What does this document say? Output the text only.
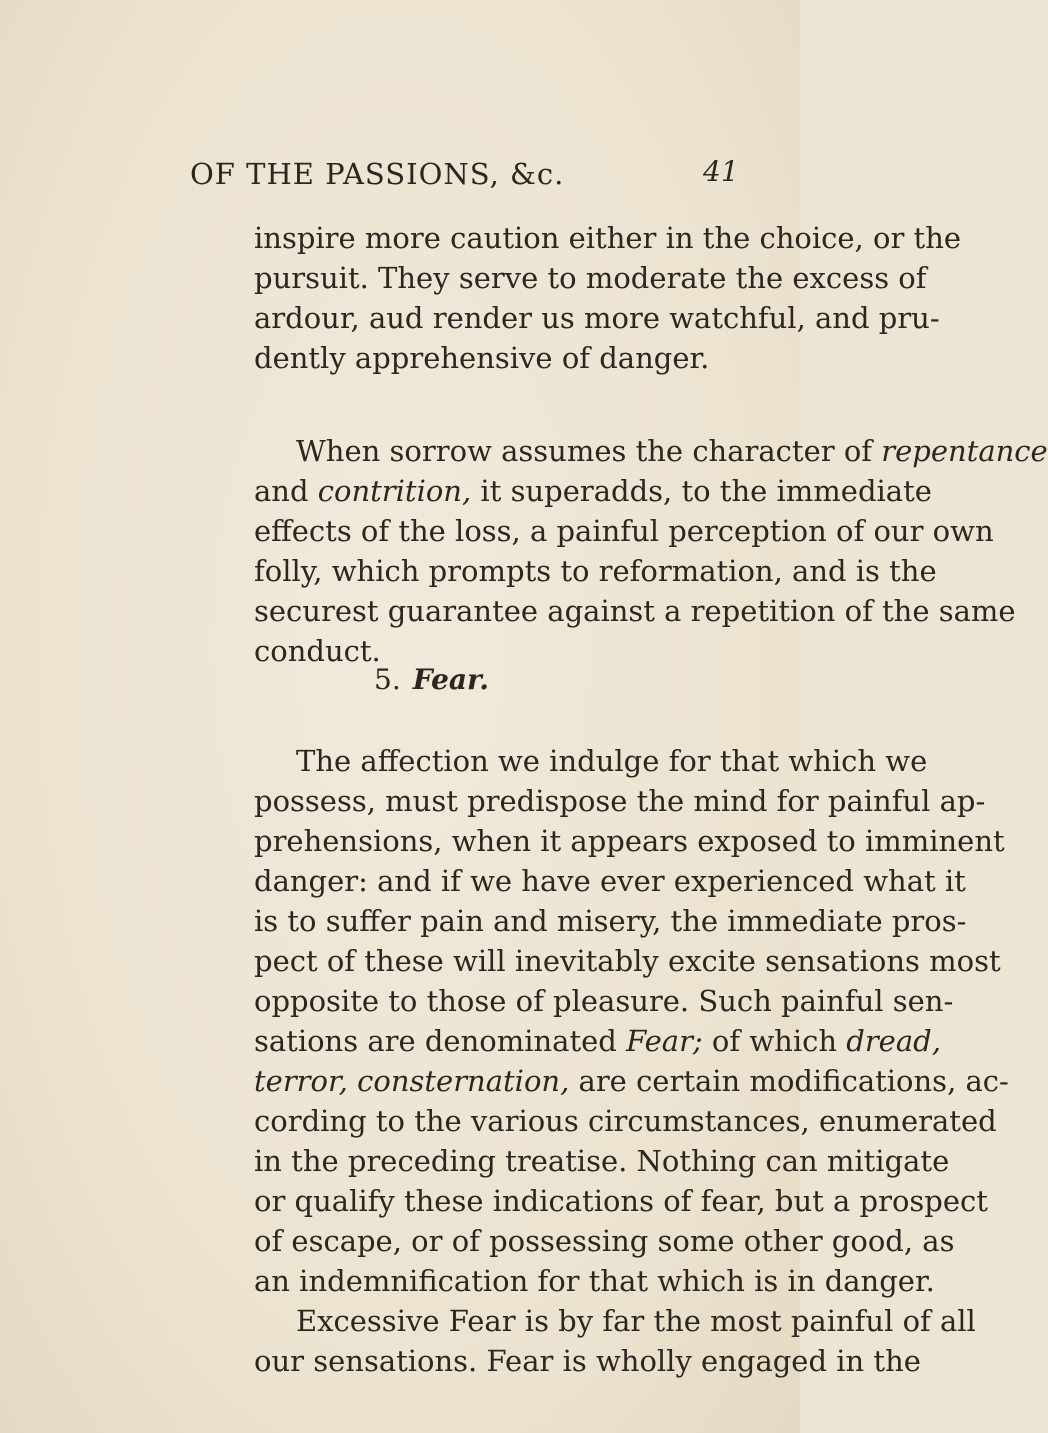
OF THE PASSIONS, &c.	41
inspire more caution either in the choice, or the
pursuit. They serve to moderate the excess of
ardour, aud render us more watchful, and pru-
dently apprehensive of danger.
When sorrow assumes the character of repentance
and contrition, it superadds, to the immediate
effects of the loss, a painful perception of our own
folly, which prompts to reformation, and is the
securest guarantee against a repetition of the same
conduct.
5. Fear.
The affection we indulge for that which we
possess, must predispose the mind for painful ap-
prehensions, when it appears exposed to imminent
danger: and if we have ever experienced what it
is to suffer pain and misery, the immediate pros-
pect of these will inevitably excite sensations most
opposite to those of pleasure. Such painful sen-
sations are denominated Fear; of which dread,
terror, consternation, are certain modifications, ac-
cording to the various circumstances, enumerated
in the preceding treatise. Nothing can mitigate
or qualify these indications of fear, but a prospect
of escape, or of possessing some other good, as
an indemnification for that which is in danger.
Excessive Fear is by far the most painful of all
our sensations. Fear is wholly engaged in the
